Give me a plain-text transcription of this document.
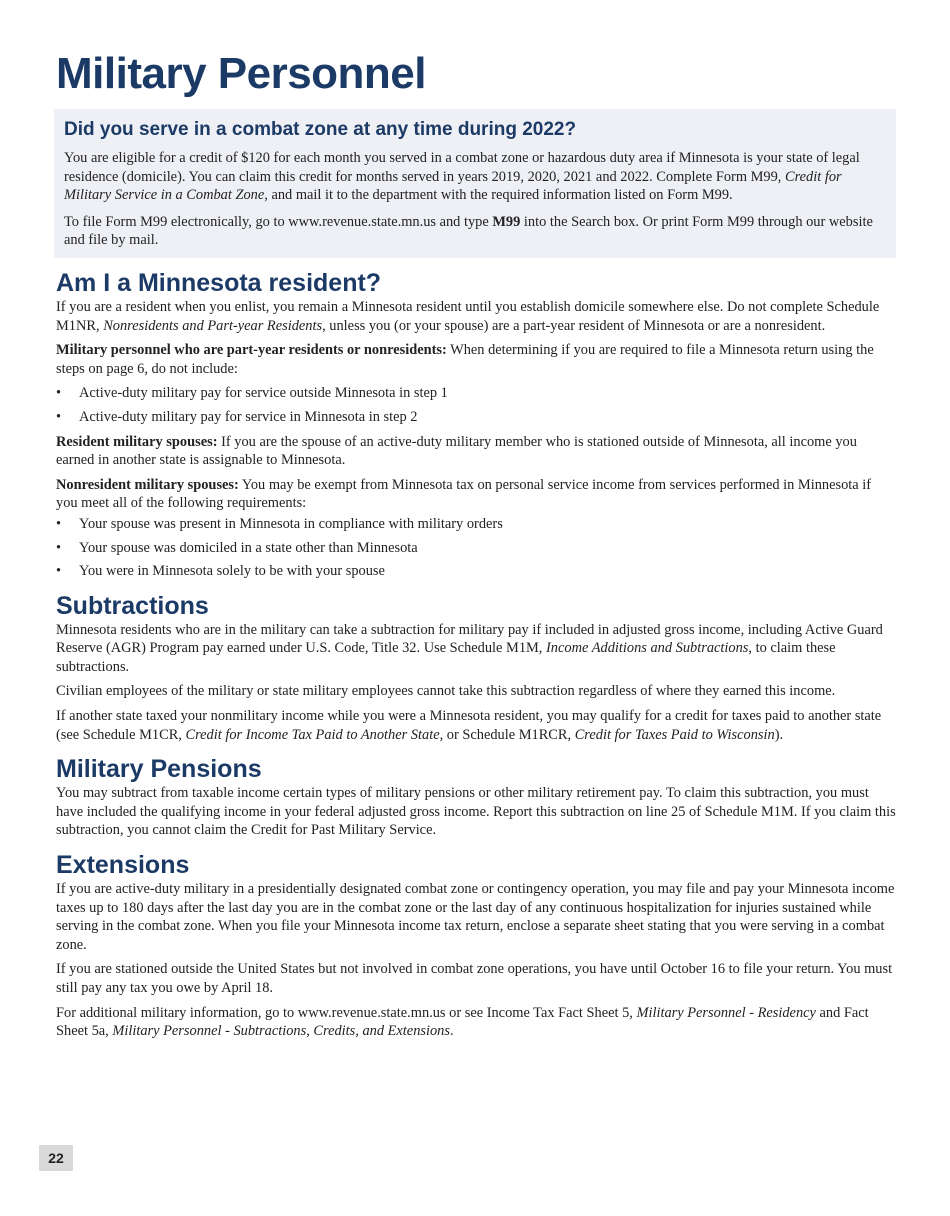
Military Personnel
Did you serve in a combat zone at any time during 2022?

You are eligible for a credit of $120 for each month you served in a combat zone or hazardous duty area if Minnesota is your state of legal residence (domicile). You can claim this credit for months served in years 2019, 2020, 2021 and 2022. Complete Form M99, Credit for Military Service in a Combat Zone, and mail it to the department with the required information listed on Form M99.

To file Form M99 electronically, go to www.revenue.state.mn.us and type M99 into the Search box. Or print Form M99 through our website and file by mail.

Am I a Minnesota resident?

If you are a resident when you enlist, you remain a Minnesota resident until you establish domicile somewhere else. Do not complete Schedule M1NR, Nonresidents and Part-year Residents, unless you (or your spouse) are a part-year resident of Minnesota or are a nonresident.

Military personnel who are part-year residents or nonresidents: When determining if you are required to file a Minnesota return using the steps on page 6, do not include:

• Active-duty military pay for service outside Minnesota in step 1
• Active-duty military pay for service in Minnesota in step 2

Resident military spouses: If you are the spouse of an active-duty military member who is stationed outside of Minnesota, all income you earned in another state is assignable to Minnesota.

Nonresident military spouses: You may be exempt from Minnesota tax on personal service income from services performed in Minnesota if you meet all of the following requirements:

• Your spouse was present in Minnesota in compliance with military orders
• Your spouse was domiciled in a state other than Minnesota
• You were in Minnesota solely to be with your spouse
Subtractions

Minnesota residents who are in the military can take a subtraction for military pay if included in adjusted gross income, including Active Guard Reserve (AGR) Program pay earned under U.S. Code, Title 32. Use Schedule M1M, Income Additions and Subtractions, to claim these subtractions.

Civilian employees of the military or state military employees cannot take this subtraction regardless of where they earned this income.

If another state taxed your nonmilitary income while you were a Minnesota resident, you may qualify for a credit for taxes paid to another state (see Schedule M1CR, Credit for Income Tax Paid to Another State, or Schedule M1RCR, Credit for Taxes Paid to Wisconsin).

Military Pensions

You may subtract from taxable income certain types of military pensions or other military retirement pay. To claim this subtraction, you must have included the qualifying income in your federal adjusted gross income. Report this subtraction on line 25 of Schedule M1M. If you claim this subtraction, you cannot claim the Credit for Past Military Service.

Extensions

If you are active-duty military in a presidentially designated combat zone or contingency operation, you may file and pay your Minnesota income taxes up to 180 days after the last day you are in the combat zone or the last day of any continuous hospitalization for injuries sustained while serving in the combat zone. When you file your Minnesota income tax return, enclose a separate sheet stating that you were serving in a combat zone.

If you are stationed outside the United States but not involved in combat zone operations, you have until October 16 to file your return. You must still pay any tax you owe by April 18.

For additional military information, go to www.revenue.state.mn.us or see Income Tax Fact Sheet 5, Military Personnel - Residency and Fact Sheet 5a, Military Personnel - Subtractions, Credits, and Extensions.

22
